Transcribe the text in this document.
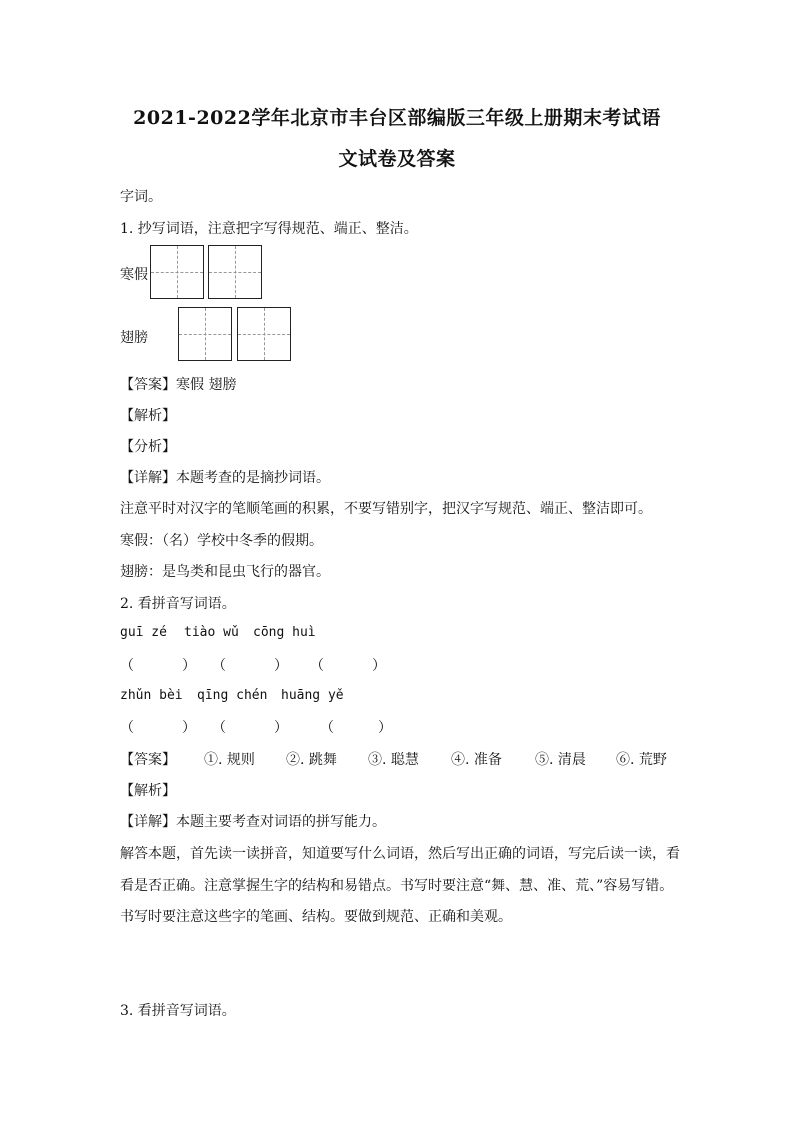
2021-2022学年北京市丰台区部编版三年级上册期末考试语
文试卷及答案
字词。
1. 抄写词语，注意把字写得规范、端正、整洁。
寒假
翅膀
【答案】寒假 翅膀
【解析】
【分析】
【详解】本题考查的是摘抄词语。
注意平时对汉字的笔顺笔画的积累，不要写错别字，把汉字写规范、端正、整洁即可。
寒假：（名）学校中冬季的假期。
翅膀：是鸟类和昆虫飞行的器官。
2. 看拼音写词语。
guī zé tiào wǔ cōng huì
（	） （	） （	）
zhǔn bèi qīng chén huāng yě
（	） （	） （	）
【答案】 ①. 规则 ②. 跳舞 ③. 聪慧 ④. 准备 ⑤. 清晨 ⑥. 荒野
【解析】
【详解】本题主要考查对词语的拼写能力。
解答本题，首先读一读拼音，知道要写什么词语，然后写出正确的词语，写完后读一读，看
看是否正确。注意掌握生字的结构和易错点。书写时要注意“舞、慧、准、荒、”容易写错。
书写时要注意这些字的笔画、结构。要做到规范、正确和美观。
3. 看拼音写词语。
